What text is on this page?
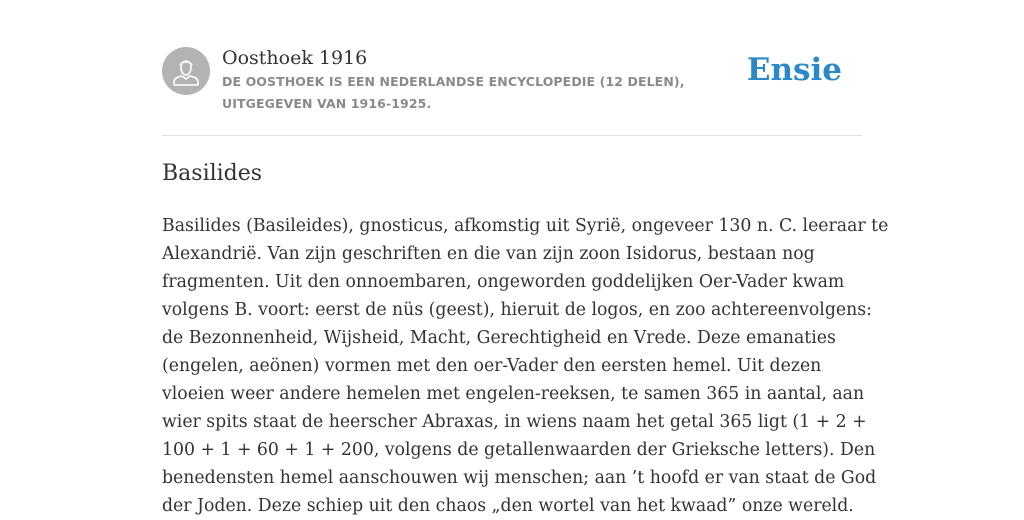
Oosthoek 1916
DE OOSTHOEK IS EEN NEDERLANDSE ENCYCLOPEDIE (12 DELEN), UITGEGEVEN VAN 1916-1925.
Ensie
Basilides

Basilides (Basileides), gnosticus, afkomstig uit Syrië, ongeveer 130 n. C. leeraar te
Alexandrië. Van zijn geschriften en die van zijn zoon Isidorus, bestaan nog
fragmenten. Uit den onnoembaren, ongeworden goddelijken Oer-Vader kwam
volgens B. voort: eerst de nüs (geest), hieruit de logos, en zoo achtereenvolgens:
de Bezonnenheid, Wijsheid, Macht, Gerechtigheid en Vrede. Deze emanaties
(engelen, aeönen) vormen met den oer-Vader den eersten hemel. Uit dezen
vloeien weer andere hemelen met engelen-reeksen, te samen 365 in aantal, aan
wier spits staat de heerscher Abraxas, in wiens naam het getal 365 ligt (1 + 2 +
100 + 1 + 60 + 1 + 200, volgens de getallenwaarden der Grieksche letters). Den
benedensten hemel aanschouwen wij menschen; aan ’t hoofd er van staat de God
der Joden. Deze schiep uit den chaos „den wortel van het kwaad” onze wereld.
